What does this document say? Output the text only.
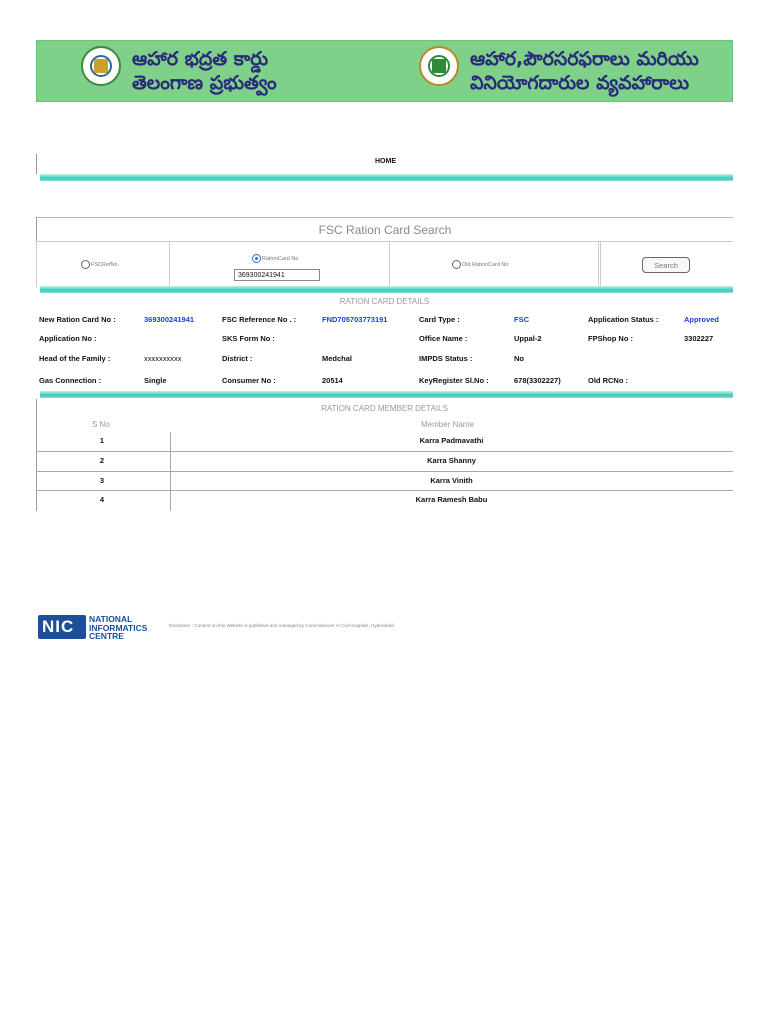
ఆహార భద్రత కార్డు
తెలంగాణ ప్రభుత్వం
ఆహార,పౌరసరఫరాలు మరియు
వినియోగదారుల వ్యవహారాలు
HOME
FSC Ration Card Search
FSCRefNo
RationCard No
369300241941
Old RationCard No	Search
RATION CARD DETAILS
New Ration Card No :	369300241941	FSC Reference No . :	FND705703773191	Card Type :	FSC	Application Status :	Approved
Application No :	SKS Form No :	Office Name :	Uppal-2	FPShop No :	3302227
Head of the Family :	xxxxxxxxxx	District :	Medchal	IMPDS Status :	No
Gas Connection :	Single	Consumer No :	20514	KeyRegister Sl.No :	678(3302227)	Old RCNo :
RATION CARD MEMBER DETAILS
S No	Member Name
1	Karra Padmavathi
2	Karra Shanny
3	Karra Vinith
4	Karra Ramesh Babu
NIC NATIONAL
INFORMATICS
CENTRE
Disclaimer : Content on this Website is published and managed by Commissioner of Civil Supplies, Hyderabad.
